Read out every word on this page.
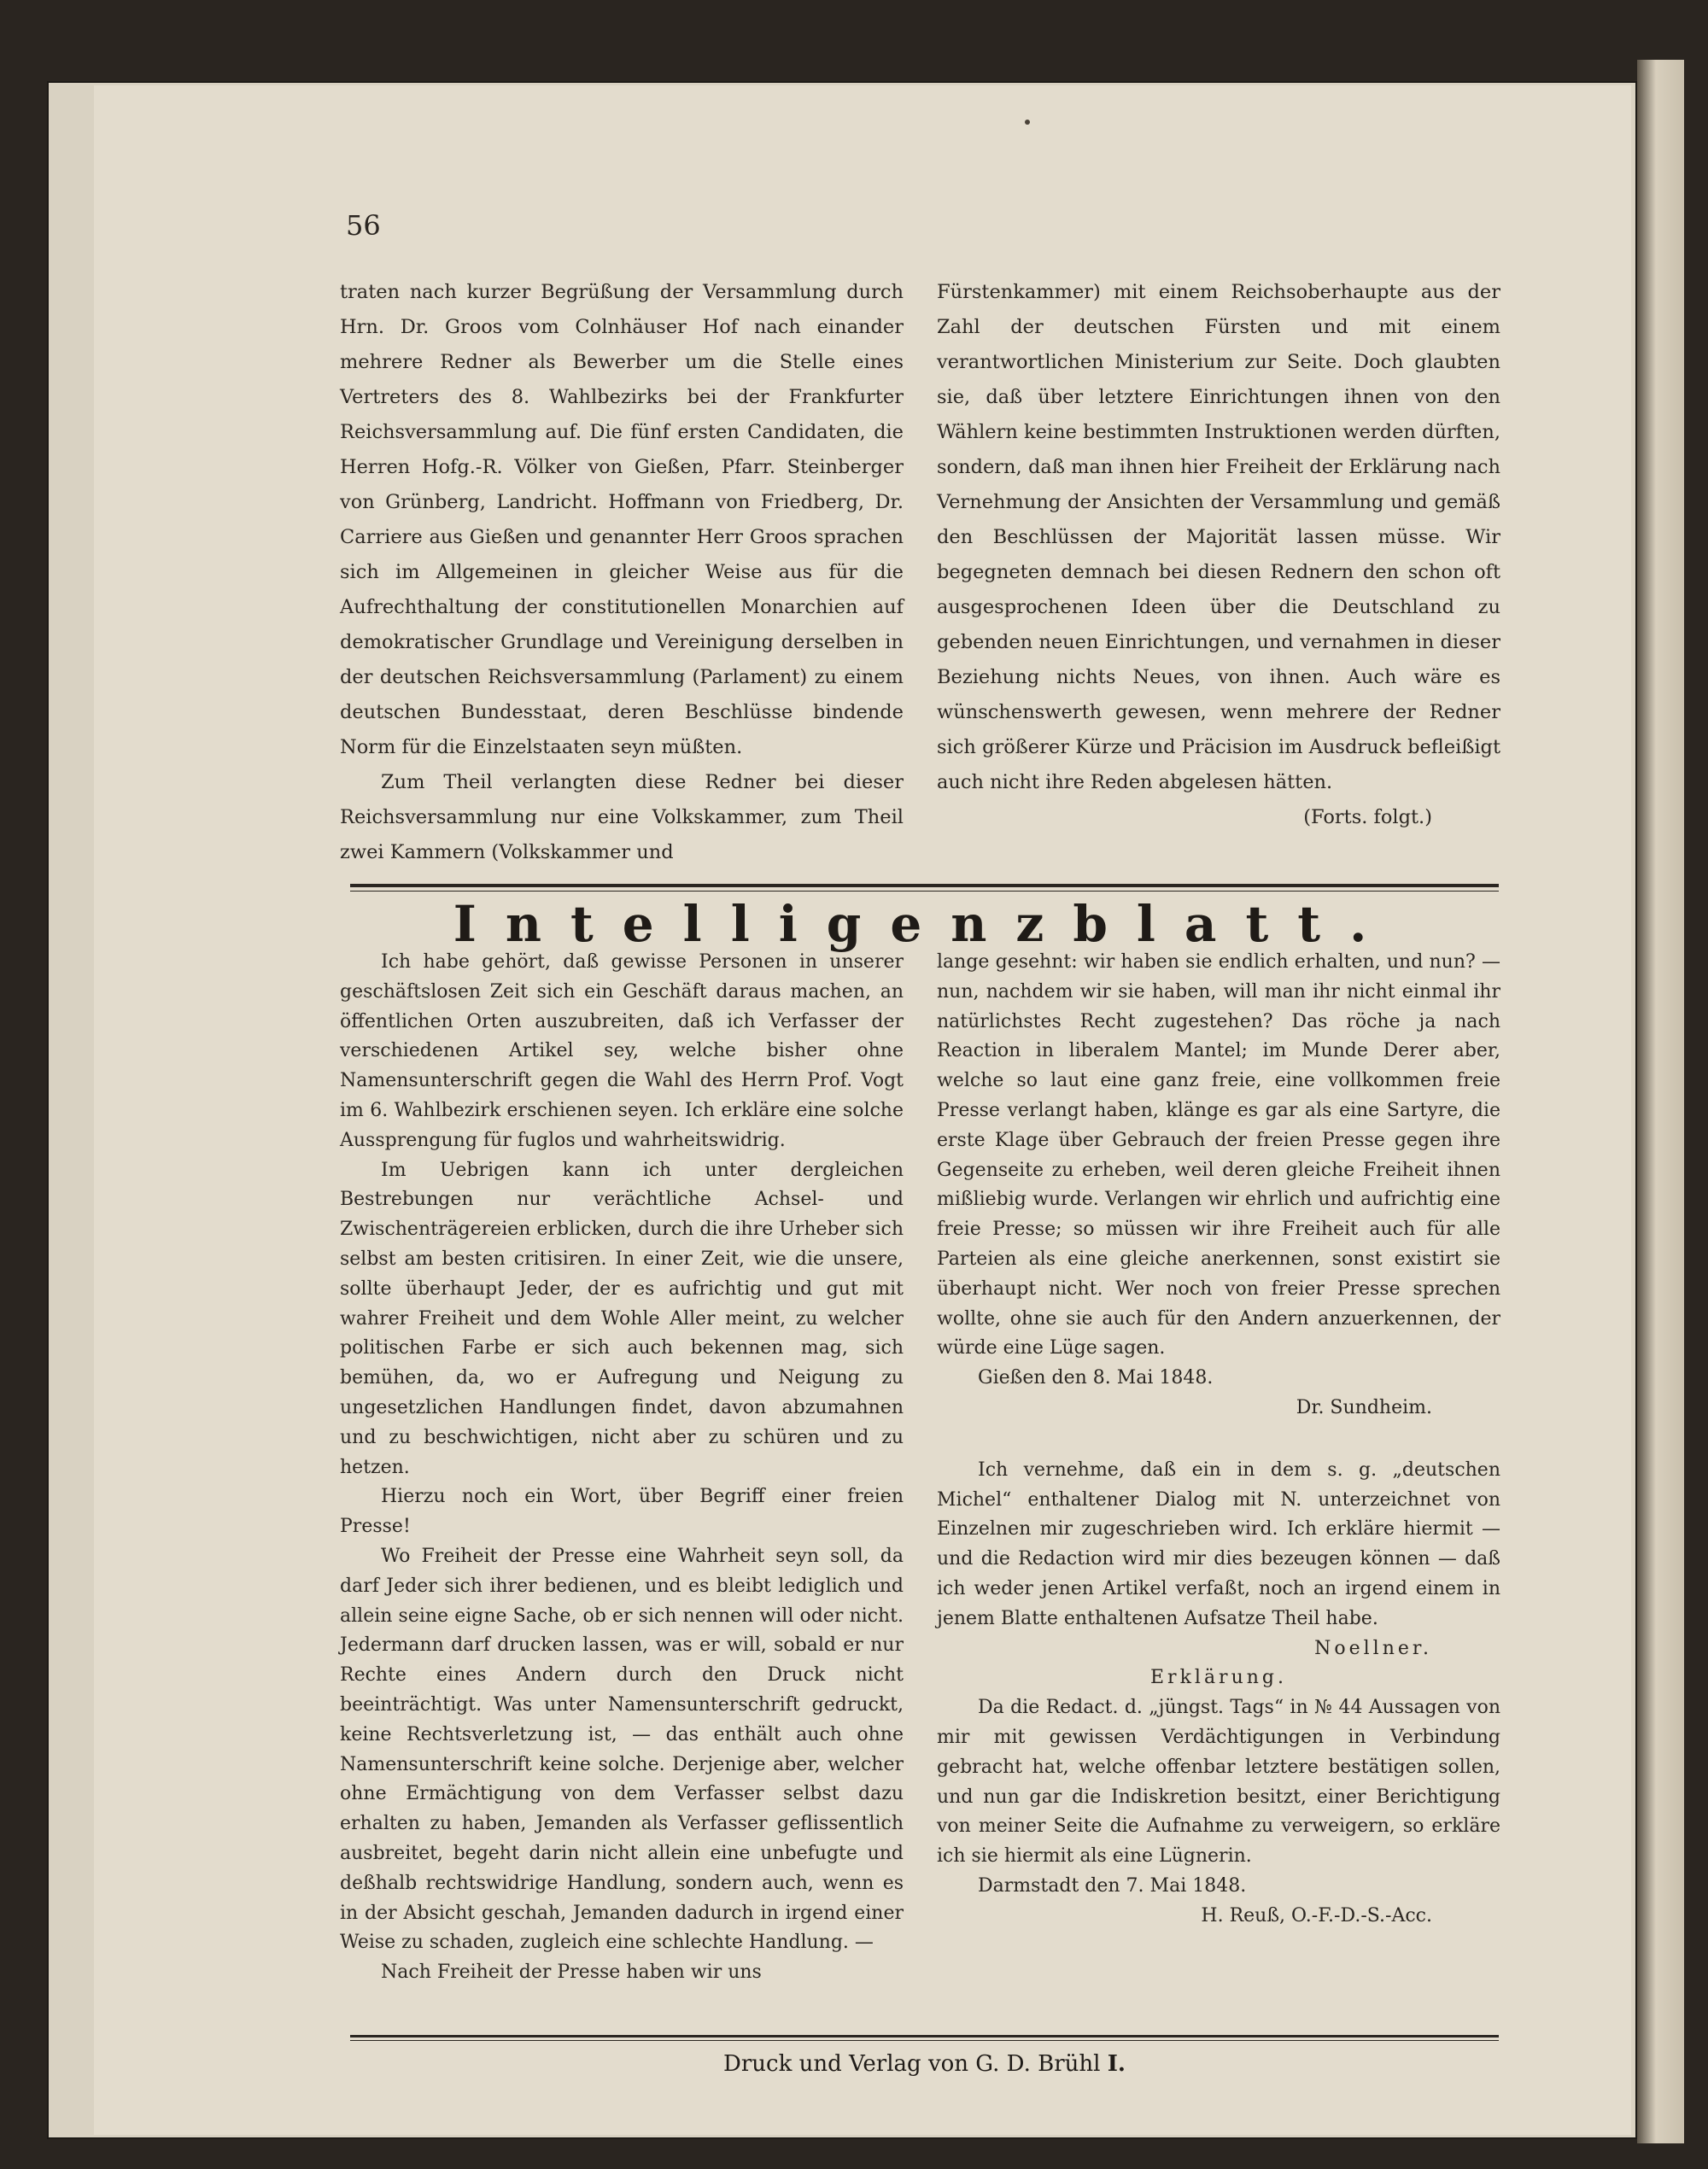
56

traten nach kurzer Begrüßung der Versammlung durch Hrn. Dr. Groos vom Colnhäuser Hof nach einander mehrere Redner als Bewerber um die Stelle eines Vertreters des 8. Wahlbezirks bei der Frankfurter Reichsversammlung auf. Die fünf ersten Candidaten, die Herren Hofg.-R. Völker von Gießen, Pfarr. Steinberger von Grünberg, Landricht. Hoffmann von Friedberg, Dr. Carriere aus Gießen und genannter Herr Groos sprachen sich im Allgemeinen in gleicher Weise aus für die Aufrechthaltung der constitutionellen Monarchien auf demokratischer Grundlage und Vereinigung derselben in der deutschen Reichsversammlung (Parlament) zu einem deutschen Bundesstaat, deren Beschlüsse bindende Norm für die Einzelstaaten seyn müßten.

Zum Theil verlangten diese Redner bei dieser Reichsversammlung nur eine Volkskammer, zum Theil zwei Kammern (Volkskammer und

Fürstenkammer) mit einem Reichsoberhaupte aus der Zahl der deutschen Fürsten und mit einem verantwortlichen Ministerium zur Seite. Doch glaubten sie, daß über letztere Einrichtungen ihnen von den Wählern keine bestimmten Instruktionen werden dürften, sondern, daß man ihnen hier Freiheit der Erklärung nach Vernehmung der Ansichten der Versammlung und gemäß den Beschlüssen der Majorität lassen müsse. Wir begegneten demnach bei diesen Rednern den schon oft ausgesprochenen Ideen über die Deutschland zu gebenden neuen Einrichtungen, und vernahmen in dieser Beziehung nichts Neues, von ihnen. Auch wäre es wünschenswerth gewesen, wenn mehrere der Redner sich größerer Kürze und Präcision im Ausdruck befleißigt auch nicht ihre Reden abgelesen hätten.

(Forts. folgt.)

Intelligenzblatt.

Ich habe gehört, daß gewisse Personen in unserer geschäftslosen Zeit sich ein Geschäft daraus machen, an öffentlichen Orten auszubreiten, daß ich Verfasser der verschiedenen Artikel sey, welche bisher ohne Namensunterschrift gegen die Wahl des Herrn Prof. Vogt im 6. Wahlbezirk erschienen seyen. Ich erkläre eine solche Aussprengung für fuglos und wahrheitswidrig.

Im Uebrigen kann ich unter dergleichen Bestrebungen nur verächtliche Achsel- und Zwischenträgereien erblicken, durch die ihre Urheber sich selbst am besten critisiren. In einer Zeit, wie die unsere, sollte überhaupt Jeder, der es aufrichtig und gut mit wahrer Freiheit und dem Wohle Aller meint, zu welcher politischen Farbe er sich auch bekennen mag, sich bemühen, da, wo er Aufregung und Neigung zu ungesetzlichen Handlungen findet, davon abzumahnen und zu beschwichtigen, nicht aber zu schüren und zu hetzen.

Hierzu noch ein Wort, über Begriff einer freien Presse!

Wo Freiheit der Presse eine Wahrheit seyn soll, da darf Jeder sich ihrer bedienen, und es bleibt lediglich und allein seine eigne Sache, ob er sich nennen will oder nicht. Jedermann darf drucken lassen, was er will, sobald er nur Rechte eines Andern durch den Druck nicht beeinträchtigt. Was unter Namensunterschrift gedruckt, keine Rechtsverletzung ist, — das enthält auch ohne Namensunterschrift keine solche. Derjenige aber, welcher ohne Ermächtigung von dem Verfasser selbst dazu erhalten zu haben, Jemanden als Verfasser geflissentlich ausbreitet, begeht darin nicht allein eine unbefugte und deßhalb rechtswidrige Handlung, sondern auch, wenn es in der Absicht geschah, Jemanden dadurch in irgend einer Weise zu schaden, zugleich eine schlechte Handlung. —

Nach Freiheit der Presse haben wir uns

lange gesehnt: wir haben sie endlich erhalten, und nun? — nun, nachdem wir sie haben, will man ihr nicht einmal ihr natürlichstes Recht zugestehen? Das röche ja nach Reaction in liberalem Mantel; im Munde Derer aber, welche so laut eine ganz freie, eine vollkommen freie Presse verlangt haben, klänge es gar als eine Sartyre, die erste Klage über Gebrauch der freien Presse gegen ihre Gegenseite zu erheben, weil deren gleiche Freiheit ihnen mißliebig wurde. Verlangen wir ehrlich und aufrichtig eine freie Presse; so müssen wir ihre Freiheit auch für alle Parteien als eine gleiche anerkennen, sonst existirt sie überhaupt nicht. Wer noch von freier Presse sprechen wollte, ohne sie auch für den Andern anzuerkennen, der würde eine Lüge sagen.

Gießen den 8. Mai 1848.

Dr. Sundheim.

Ich vernehme, daß ein in dem s. g. „deutschen Michel“ enthaltener Dialog mit N. unterzeichnet von Einzelnen mir zugeschrieben wird. Ich erkläre hiermit — und die Redaction wird mir dies bezeugen können — daß ich weder jenen Artikel verfaßt, noch an irgend einem in jenem Blatte enthaltenen Aufsatze Theil habe.

Noellner.

Erklärung.

Da die Redact. d. „jüngst. Tags“ in № 44 Aussagen von mir mit gewissen Verdächtigungen in Verbindung gebracht hat, welche offenbar letztere bestätigen sollen, und nun gar die Indiskretion besitzt, einer Berichtigung von meiner Seite die Aufnahme zu verweigern, so erkläre ich sie hiermit als eine Lügnerin.

Darmstadt den 7. Mai 1848.

H. Reuß, O.-F.-D.-S.-Acc.

Druck und Verlag von G. D. Brühl I.
